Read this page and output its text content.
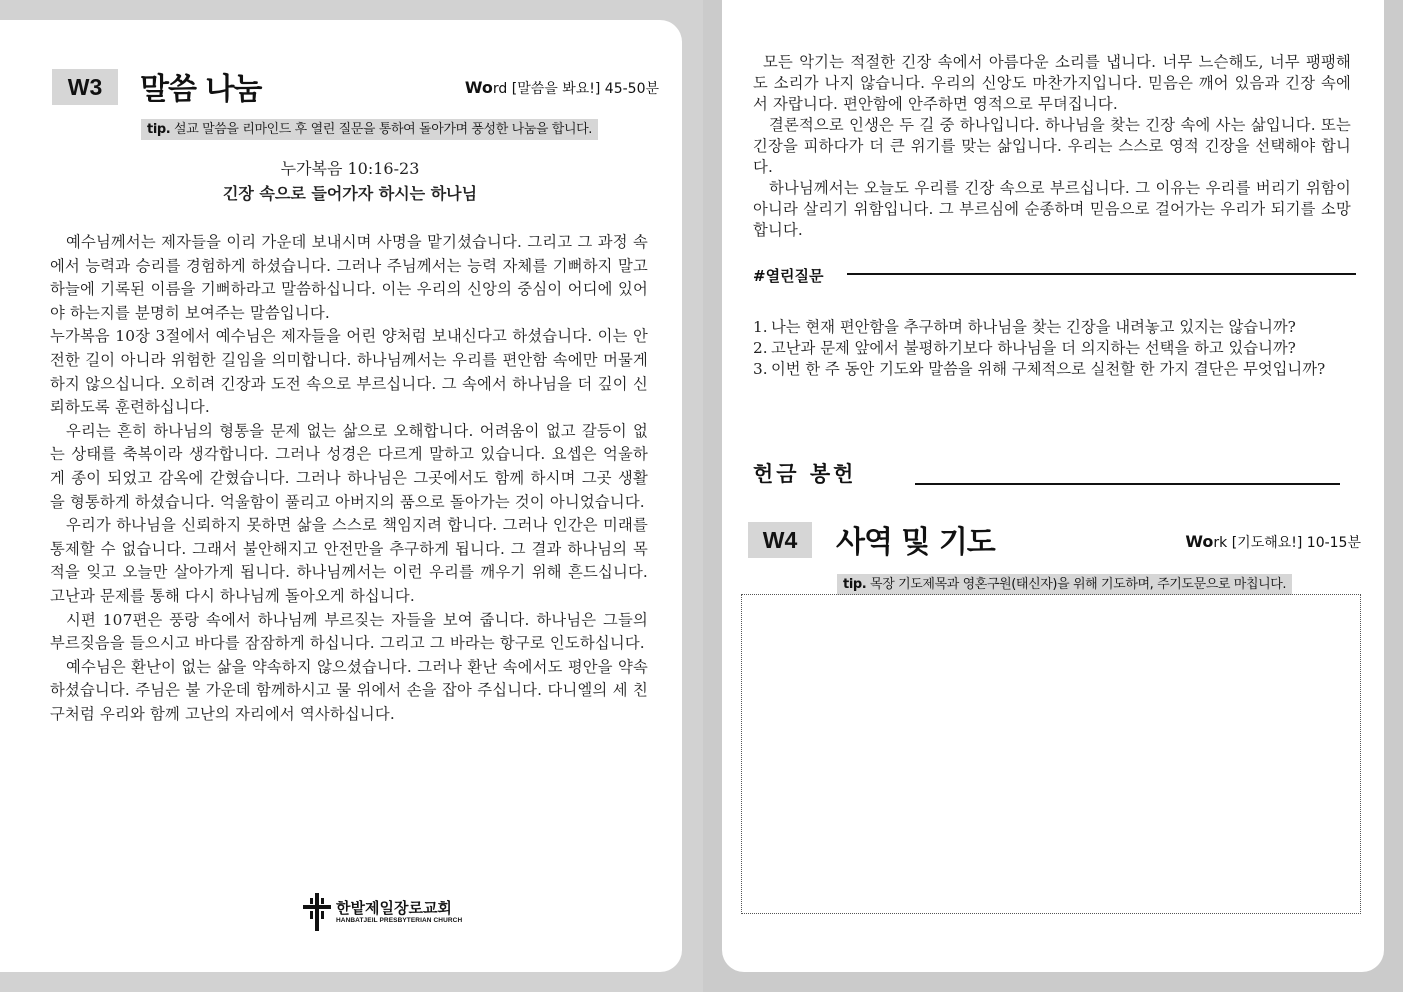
W3	말씀 나눔	Word [말씀을 봐요!] 45-50분
tip. 설교 말씀을 리마인드 후 열린 질문을 통하여 돌아가며 풍성한 나눔을 합니다.
누가복음 10:16-23
긴장 속으로 들어가자 하시는 하나님

예수님께서는 제자들을 이리 가운데 보내시며 사명을 맡기셨습니다. 그리고 그 과정 속에서 능력과 승리를 경험하게 하셨습니다. 그러나 주님께서는 능력 자체를 기뻐하지 말고 하늘에 기록된 이름을 기뻐하라고 말씀하십니다. 이는 우리의 신앙의 중심이 어디에 있어야 하는지를 분명히 보여주는 말씀입니다.

누가복음 10장 3절에서 예수님은 제자들을 어린 양처럼 보내신다고 하셨습니다. 이는 안전한 길이 아니라 위험한 길임을 의미합니다. 하나님께서는 우리를 편안함 속에만 머물게 하지 않으십니다. 오히려 긴장과 도전 속으로 부르십니다. 그 속에서 하나님을 더 깊이 신뢰하도록 훈련하십니다.

우리는 흔히 하나님의 형통을 문제 없는 삶으로 오해합니다. 어려움이 없고 갈등이 없는 상태를 축복이라 생각합니다. 그러나 성경은 다르게 말하고 있습니다. 요셉은 억울하게 종이 되었고 감옥에 갇혔습니다. 그러나 하나님은 그곳에서도 함께 하시며 그곳 생활을 형통하게 하셨습니다. 억울함이 풀리고 아버지의 품으로 돌아가는 것이 아니었습니다.

우리가 하나님을 신뢰하지 못하면 삶을 스스로 책임지려 합니다. 그러나 인간은 미래를 통제할 수 없습니다. 그래서 불안해지고 안전만을 추구하게 됩니다. 그 결과 하나님의 목적을 잊고 오늘만 살아가게 됩니다. 하나님께서는 이런 우리를 깨우기 위해 흔드십니다. 고난과 문제를 통해 다시 하나님께 돌아오게 하십니다.

시편 107편은 풍랑 속에서 하나님께 부르짖는 자들을 보여 줍니다. 하나님은 그들의 부르짖음을 들으시고 바다를 잠잠하게 하십니다. 그리고 그 바라는 항구로 인도하십니다.

예수님은 환난이 없는 삶을 약속하지 않으셨습니다. 그러나 환난 속에서도 평안을 약속하셨습니다. 주님은 불 가운데 함께하시고 물 위에서 손을 잡아 주십니다. 다니엘의 세 친구처럼 우리와 함께 고난의 자리에서 역사하십니다.

한밭제일장로교회
HANBATJEIL PRESBYTERIAN CHURCH

모든 악기는 적절한 긴장 속에서 아름다운 소리를 냅니다. 너무 느슨해도, 너무 팽팽해도 소리가 나지 않습니다. 우리의 신앙도 마찬가지입니다. 믿음은 깨어 있음과 긴장 속에서 자랍니다. 편안함에 안주하면 영적으로 무뎌집니다.

결론적으로 인생은 두 길 중 하나입니다. 하나님을 찾는 긴장 속에 사는 삶입니다. 또는 긴장을 피하다가 더 큰 위기를 맞는 삶입니다. 우리는 스스로 영적 긴장을 선택해야 합니다.

하나님께서는 오늘도 우리를 긴장 속으로 부르십니다. 그 이유는 우리를 버리기 위함이 아니라 살리기 위함입니다. 그 부르심에 순종하며 믿음으로 걸어가는 우리가 되기를 소망합니다.

#열린질문
1. 나는 현재 편안함을 추구하며 하나님을 찾는 긴장을 내려놓고 있지는 않습니까?
2. 고난과 문제 앞에서 불평하기보다 하나님을 더 의지하는 선택을 하고 있습니까?
3. 이번 한 주 동안 기도와 말씀을 위해 구체적으로 실천할 한 가지 결단은 무엇입니까?
헌금 봉헌
W4	사역 및 기도	Work [기도해요!] 10-15분
tip. 목장 기도제목과 영혼구원(태신자)을 위해 기도하며, 주기도문으로 마칩니다.
